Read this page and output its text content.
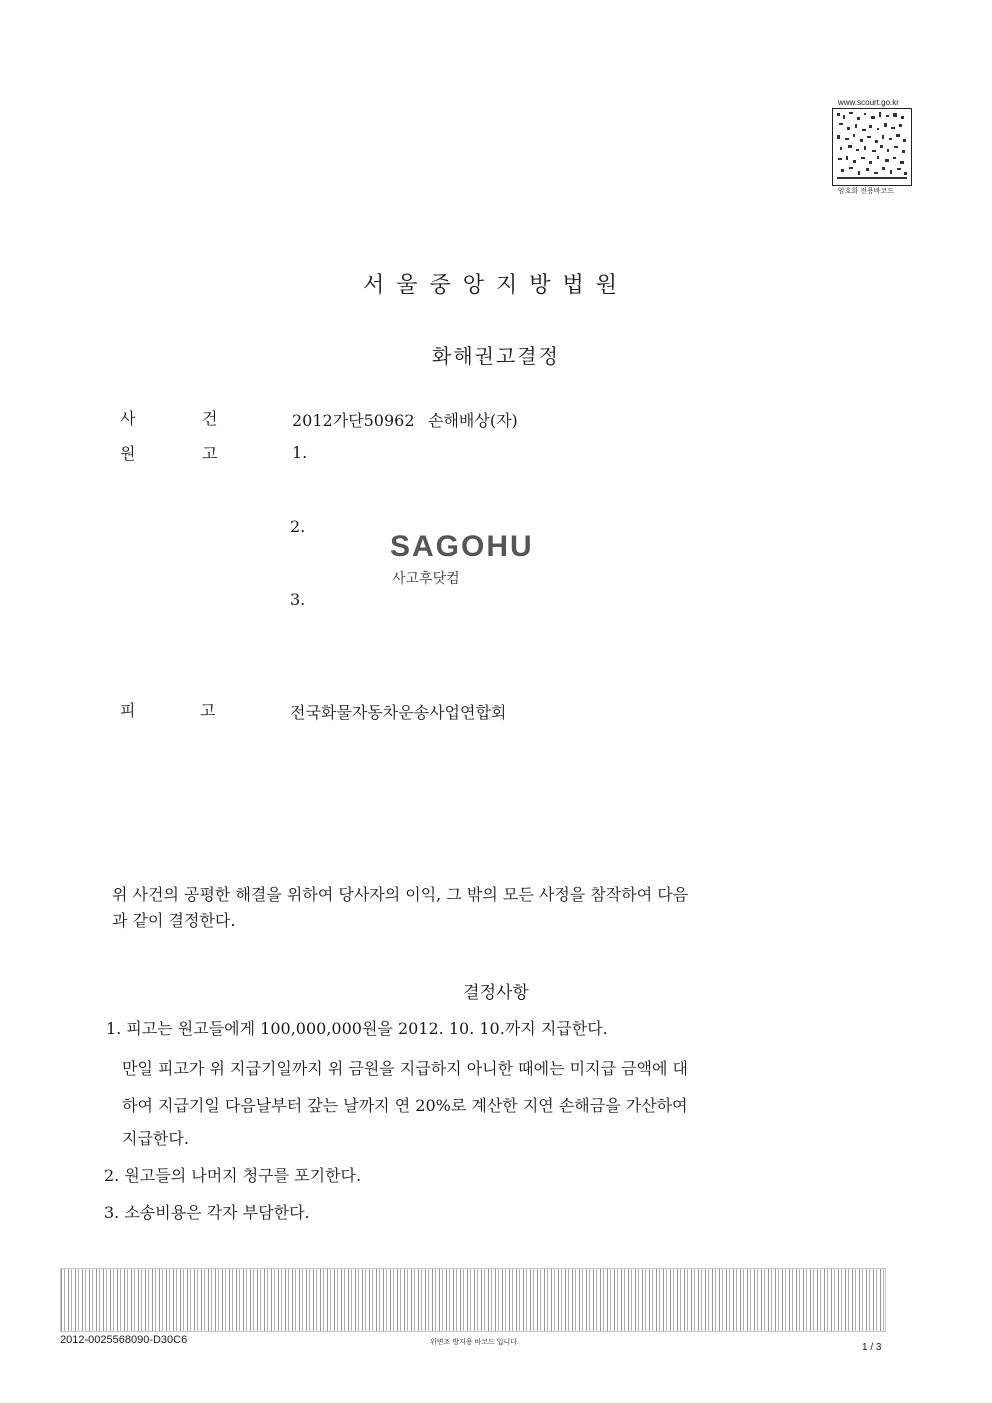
www.scourt.go.kr
암호화 전용바코드
서울중앙지방법원
화해권고결정
사	건	2012가단50962 손해배상(자)
원	고	1.
2.
3.
SAGOHU
사고후닷컴
피	고	전국화물자동차운송사업연합회
위 사건의 공평한 해결을 위하여 당사자의 이익, 그 밖의 모든 사정을 참작하여 다음
과 같이 결정한다.
결정사항
1. 피고는 원고들에게 100,000,000원을 2012. 10. 10.까지 지급한다.
만일 피고가 위 지급기일까지 위 금원을 지급하지 아니한 때에는 미지급 금액에 대
하여 지급기일 다음날부터 갚는 날까지 연 20%로 계산한 지연 손해금을 가산하여
지급한다.
2. 원고들의 나머지 청구를 포기한다.
3. 소송비용은 각자 부담한다.
2012-0025568090-D30C6	위변조 방지용 바코드 입니다.	1 / 3
